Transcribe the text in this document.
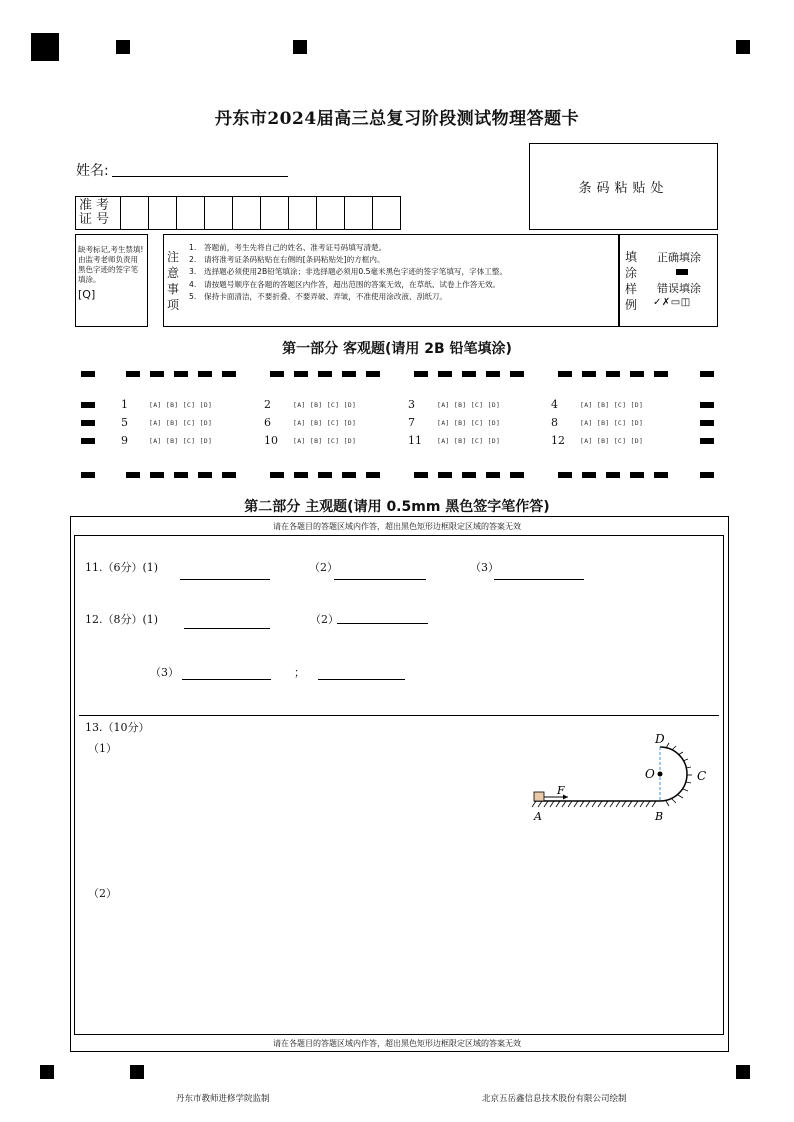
丹东市2024届高三总复习阶段测试物理答题卡
姓名:
条码粘贴处
准考
证号
缺考标记,考生禁填!由监考老师负责用黑色字迹的签字笔填涂。
[Q]
注意事项
1. 答题前，考生先将自己的姓名、准考证号码填写清楚。
2. 请将准考证条码粘贴在右侧的[条码粘贴处]的方框内。
3. 选择题必须使用2B铅笔填涂；非选择题必须用0.5毫米黑色字迹的签字笔填写，字体工整。
4. 请按题号顺序在各题的答题区内作答，超出范围的答案无效，在草纸、试卷上作答无效。
5. 保持卡面清洁，不要折叠、不要弄破、弄皱，不准使用涂改液、刮纸刀。
填涂样例
正确填涂
错误填涂
✓✗▭◫
第一部分 客观题(请用 2B 铅笔填涂)
1	[A] [B] [C] [D]	2	[A] [B] [C] [D]	3	[A] [B] [C] [D]	4	[A] [B] [C] [D]
5	[A] [B] [C] [D]	6	[A] [B] [C] [D]	7	[A] [B] [C] [D]	8	[A] [B] [C] [D]
9	[A] [B] [C] [D]	10 [A] [B] [C] [D]	11 [A] [B] [C] [D]	12 [A] [B] [C] [D]
第二部分 主观题(请用 0.5mm 黑色签字笔作答)
请在各题目的答题区域内作答，超出黑色矩形边框限定区域的答案无效
请在各题目的答题区域内作答，超出黑色矩形边框限定区域的答案无效
11.（6分）(1)	（2）	（3）
12.（8分）(1)	（2）
（3）	；
13.（10分）
（1）
（2）
D
O	C
F
A	B
丹东市教师进修学院监制	北京五岳鑫信息技术股份有限公司绘制
